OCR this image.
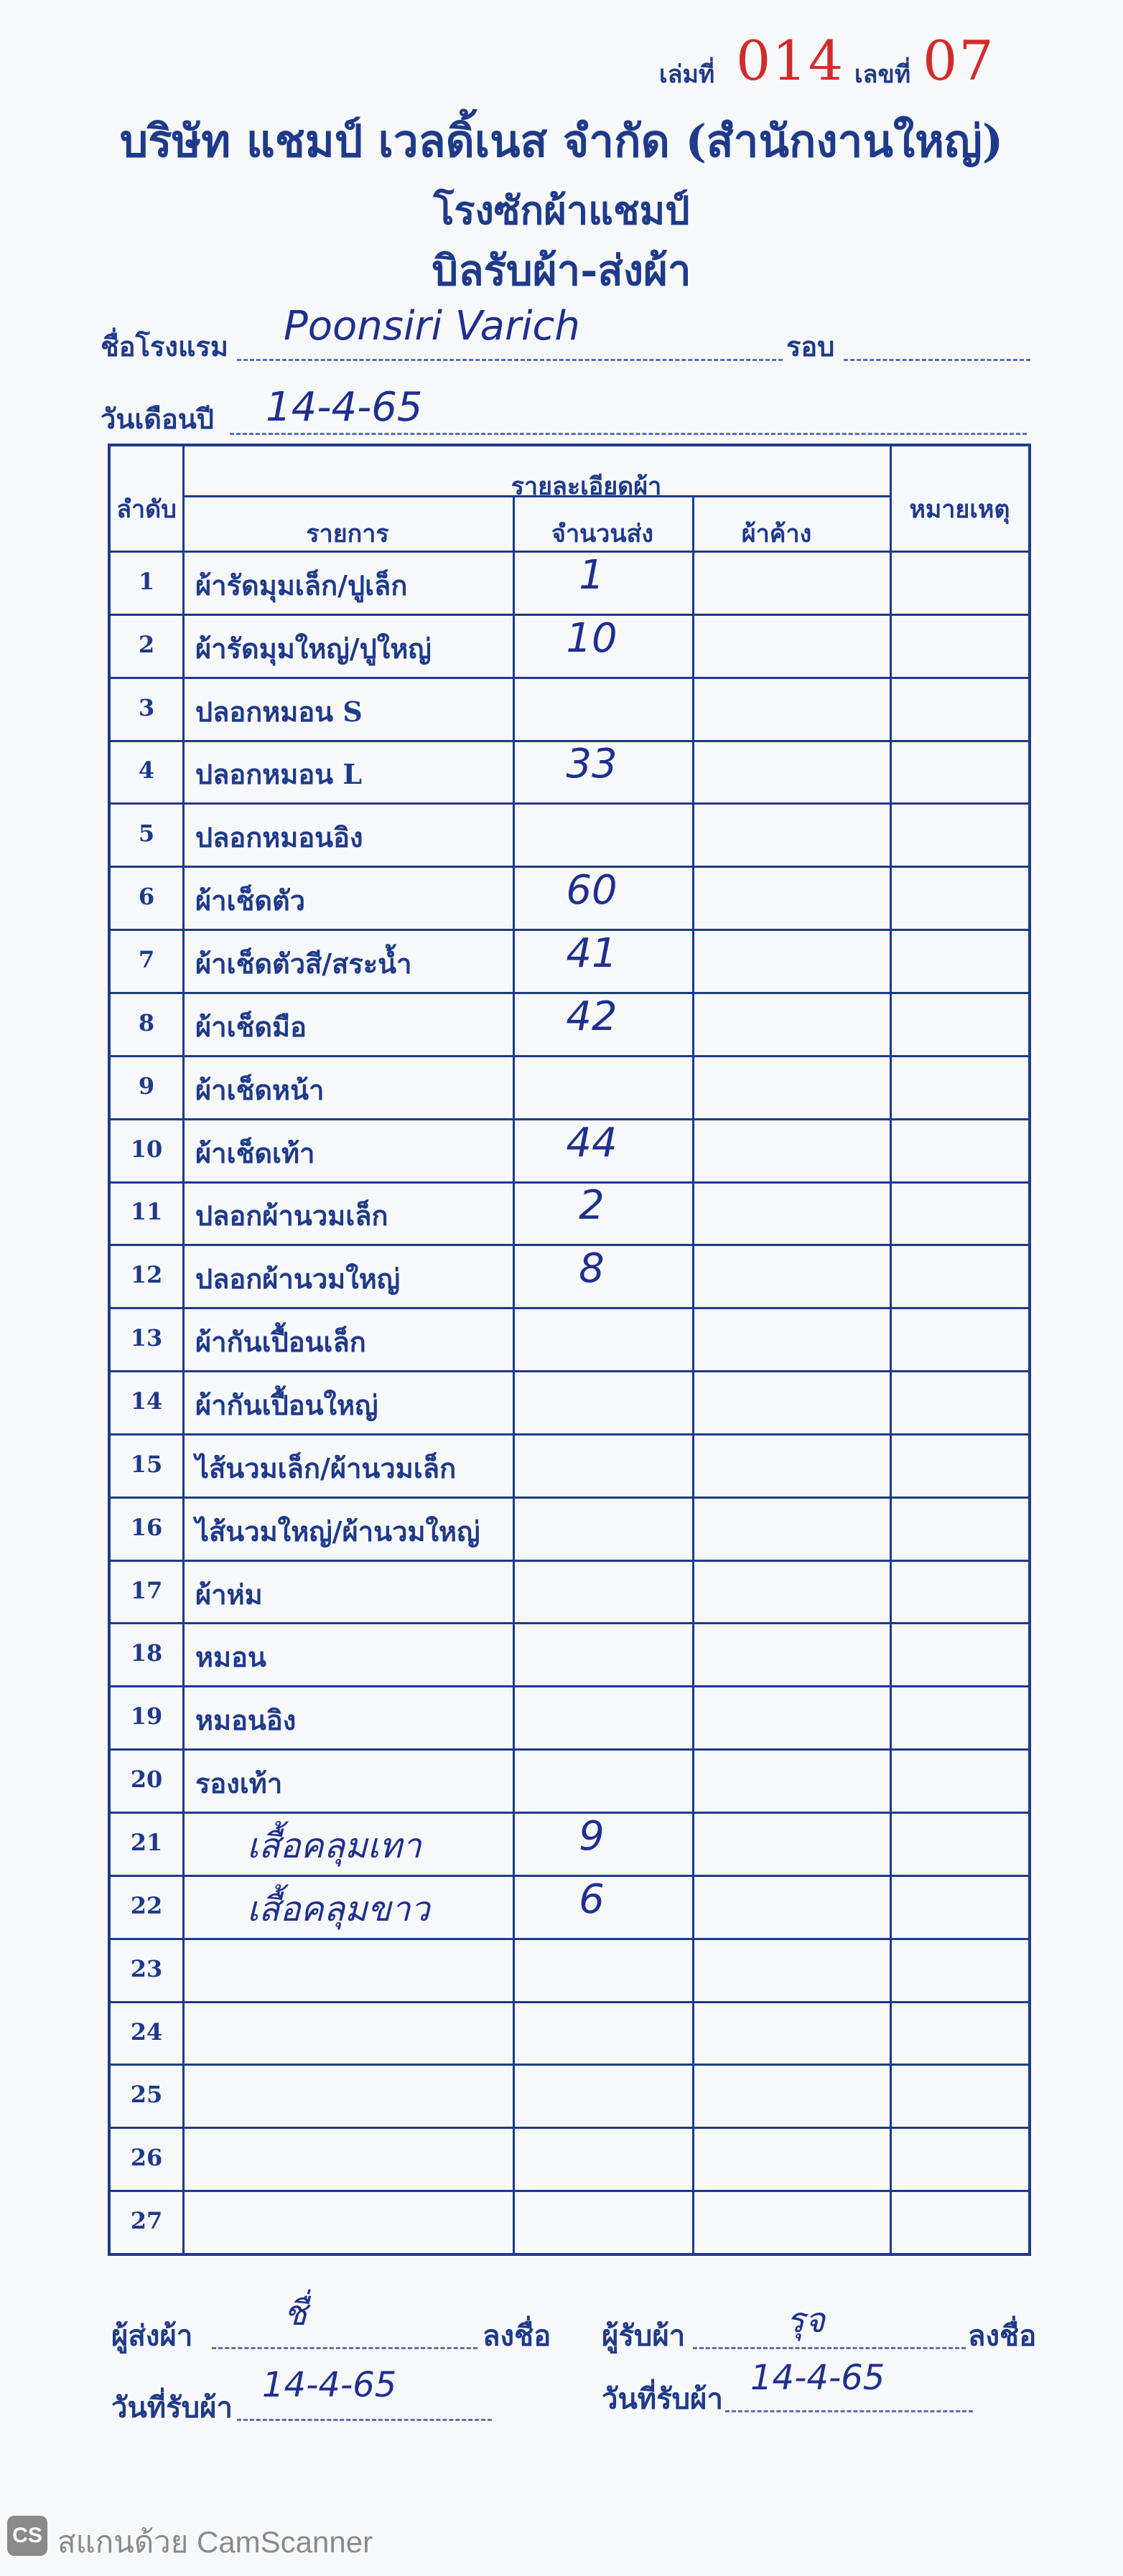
เล่มที่ 014 เลขที่ 07
บริษัท แชมป์ เวลดิ้เนส จำกัด (สำนักงานใหญ่)
โรงซักผ้าแชมป์
บิลรับผ้า-ส่งผ้า
ชื่อโรงแรม Poonsiri Varich	รอบ
วันเดือนปี 14-4-65
ลำดับ
รายละเอียดผ้า
รายการ	จำนวนส่ง	ผ้าค้าง
หมายเหตุ
1	ผ้ารัดมุมเล็ก/ปูเล็ก	1
2	ผ้ารัดมุมใหญ่/ปูใหญ่	10
3	ปลอกหมอน S
4	ปลอกหมอน L	33
5	ปลอกหมอนอิง
6	ผ้าเช็ดตัว	60
7	ผ้าเช็ดตัวสี/สระน้ำ	41
8	ผ้าเช็ดมือ	42
9	ผ้าเช็ดหน้า
10	ผ้าเช็ดเท้า	44
11	ปลอกผ้านวมเล็ก	2
12	ปลอกผ้านวมใหญ่	8
13	ผ้ากันเปื้อนเล็ก
14	ผ้ากันเปื้อนใหญ่
15	ไส้นวมเล็ก/ผ้านวมเล็ก
16	ไส้นวมใหญ่/ผ้านวมใหญ่
17	ผ้าห่ม
18	หมอน
19	หมอนอิง
20	รองเท้า
21	เสื้อคลุมเทา	9
22	เสื้อคลุมขาว	6
23
24
25
26
27
ผู้ส่งผ้า
ชื่
ลงชื่อ ผู้รับผ้า	รุจ	ลงชื่อ
วันที่รับผ้า
14-4-65	วันที่รับผ้า
14-4-65
CS สแกนด้วย CamScanner
